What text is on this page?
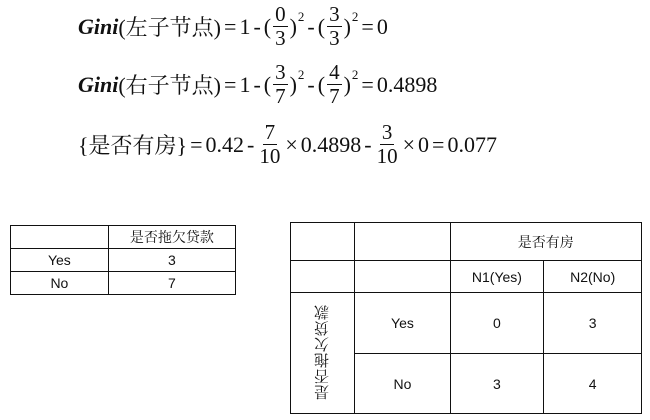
Gini (左子节点) = 1 - ( $\frac{0}{3}$ ) 2 - ( $\frac{3}{3}$ ) 2 = 0
Gini (右子节点) = 1 - ( $\frac{3}{7}$ ) 2 - ( $\frac{4}{7}$ ) 2 = 0.4898
{是否有房} = $0.42 - \frac{7}{10} \times 0.4898 - \frac{3}{10} \times 0 = 0.077$
	是否拖欠贷款
Yes	3
No	7
		是否有房	
		N1(Yes)	N2(No)
是否拖欠贷款	Yes	0	3
	No	3	4
